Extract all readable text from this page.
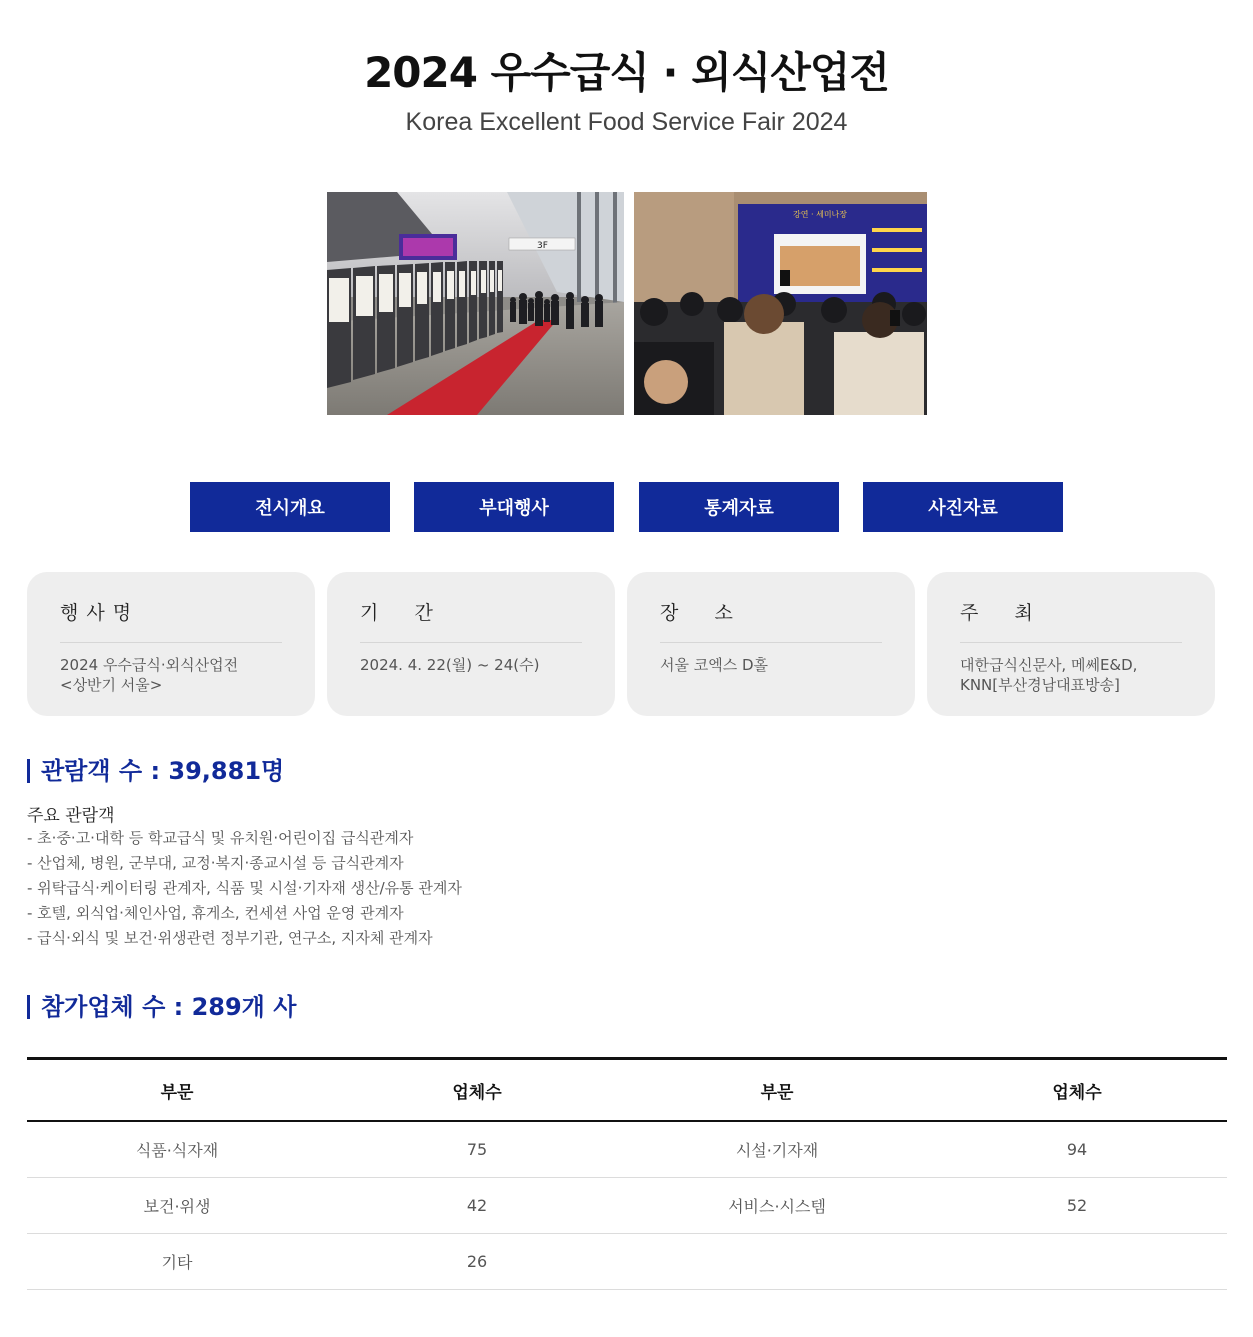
2024 우수급식 · 외식산업전

Korea Excellent Food Service Fair 2024

3F
강연 · 세미나장
전시개요	부대행사	통계자료	사진자료
행 사 명
2024 우수급식·외식산업전
<상반기 서울>
기     간
2024. 4. 22(월) ~ 24(수)
장     소
서울 코엑스 D홀
주     최
대한급식신문사, 메쎄E&D,
KNN[부산경남대표방송]
관람객 수 : 39,881명

주요 관람객

- 초·중·고·대학 등 학교급식 및 유치원·어린이집 급식관계자
- 산업체, 병원, 군부대, 교정·복지·종교시설 등 급식관계자
- 위탁급식·케이터링 관계자, 식품 및 시설·기자재 생산/유통 관계자
- 호텔, 외식업·체인사업, 휴게소, 컨세션 사업 운영 관계자
- 급식·외식 및 보건·위생관련 정부기관, 연구소, 지자체 관계자
참가업체 수 : 289개 사
부문	업체수	부문	업체수
식품·식자재	75	시설·기자재	94
보건·위생	42	서비스·시스템	52
기타	26		
